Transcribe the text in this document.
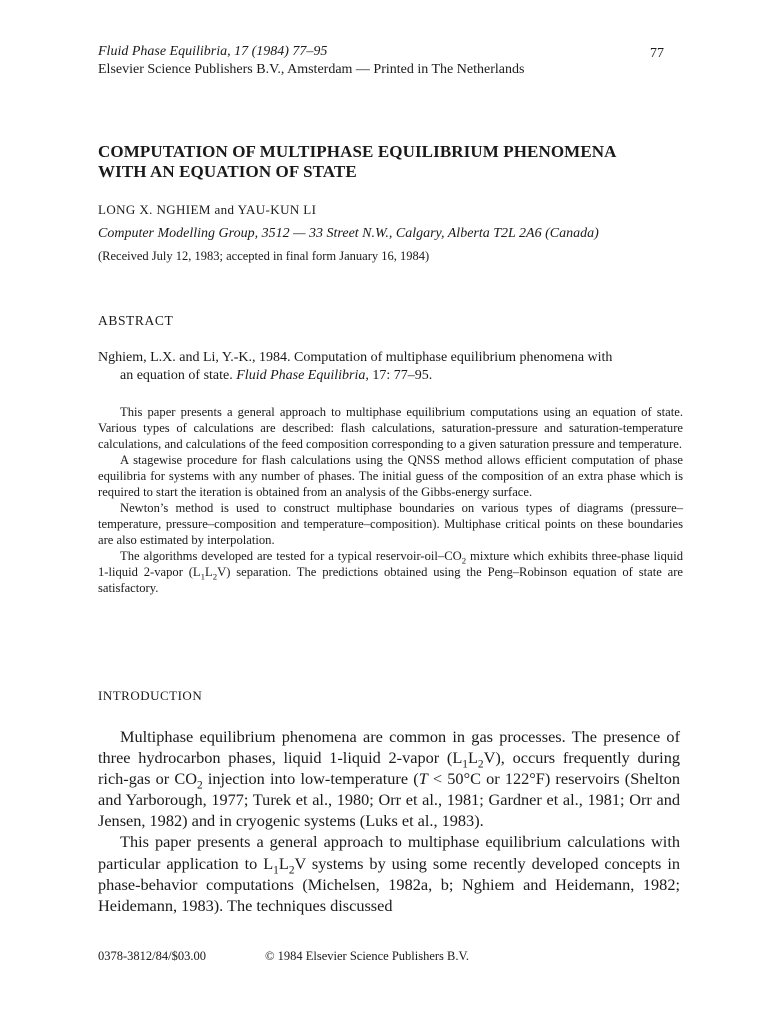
Fluid Phase Equilibria, 17 (1984) 77–95
Elsevier Science Publishers B.V., Amsterdam — Printed in The Netherlands
77
COMPUTATION OF MULTIPHASE EQUILIBRIUM PHENOMENA
WITH AN EQUATION OF STATE
LONG X. NGHIEM and YAU-KUN LI
Computer Modelling Group, 3512 — 33 Street N.W., Calgary, Alberta T2L 2A6 (Canada)
(Received July 12, 1983; accepted in final form January 16, 1984)
ABSTRACT
Nghiem, L.X. and Li, Y.-K., 1984. Computation of multiphase equilibrium phenomena with
an equation of state. Fluid Phase Equilibria, 17: 77–95.

This paper presents a general approach to multiphase equilibrium computations using an equation of state. Various types of calculations are described: flash calculations, saturation-pressure and saturation-temperature calculations, and calculations of the feed composition corresponding to a given saturation pressure and temperature.

A stagewise procedure for flash calculations using the QNSS method allows efficient computation of phase equilibria for systems with any number of phases. The initial guess of the composition of an extra phase which is required to start the iteration is obtained from an analysis of the Gibbs-energy surface.

Newton’s method is used to construct multiphase boundaries on various types of diagrams (pressure–temperature, pressure–composition and temperature–composition). Multiphase critical points on these boundaries are also estimated by interpolation.

The algorithms developed are tested for a typical reservoir-$oil-CO_2$ mixture which exhibits three-phase liquid 1-liquid 2-vapor $(L_1L_2V)$ separation. The predictions obtained using the Peng–Robinson equation of state are satisfactory.

INTRODUCTION

Multiphase equilibrium phenomena are common in gas processes. The presence of three hydrocarbon phases, liquid 1-liquid 2-vapor $(L_1L_2V)$, occurs frequently during rich-gas or $CO_2$ injection into low-temperature (T < 50°C or 122°F) reservoirs (Shelton and Yarborough, 1977; Turek et al., 1980; Orr et al., 1981; Gardner et al., 1981; Orr and Jensen, 1982) and in cryogenic systems (Luks et al., 1983).

This paper presents a general approach to multiphase equilibrium calculations with particular application to $L_1L_2V$ systems by using some recently developed concepts in phase-behavior computations (Michelsen, 1982a, b; Nghiem and Heidemann, 1982; Heidemann, 1983). The techniques discussed

0378-3812/84/$03.00	© 1984 Elsevier Science Publishers B.V.
